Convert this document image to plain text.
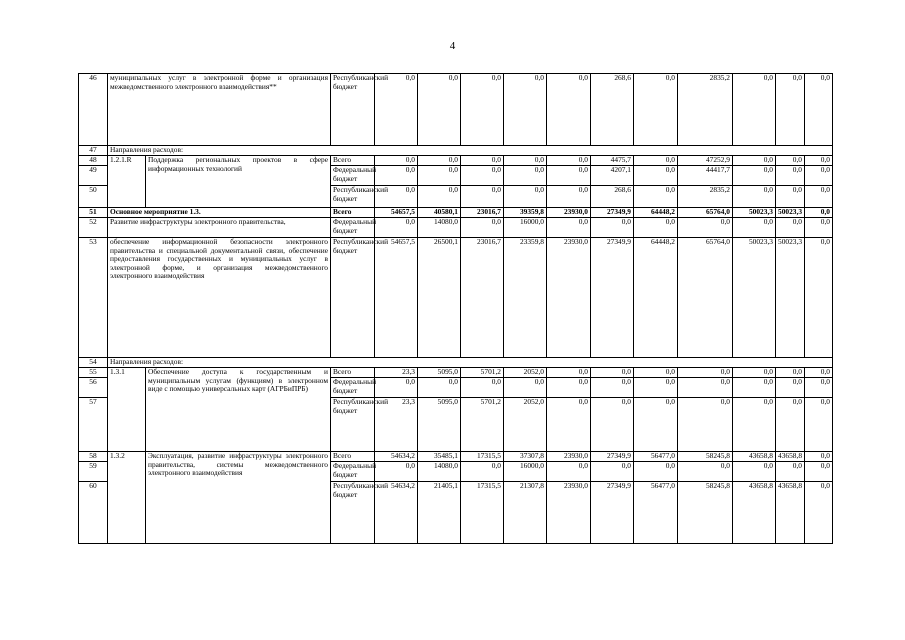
4
46	муниципальных услуг в электронной форме и организация межведомственного электронного взаимодействия**		Республиканский бюджет	0,0	0,0	0,0	0,0	0,0	268,6	0,0	2835,2	0,0	0,0	0,0	
47	Направления расходов:														
48	1.2.1.R	Поддержка региональных проектов в сфере информационных технологий	Всего	0,0	0,0	0,0	0,0	0,0	4475,7	0,0	47252,9	0,0	0,0	0,0	
49			Федеральный бюджет	0,0	0,0	0,0	0,0	0,0	4207,1	0,0	44417,7	0,0	0,0	0,0	
50			Республиканский бюджет	0,0	0,0	0,0	0,0	0,0	268,6	0,0	2835,2	0,0	0,0	0,0	
51	Основное мероприятие 1.3.		Всего	54657,5	40580,1	23016,7	39359,8	23930,0	27349,9	64448,2	65764,0	50023,3	50023,3	0,0	
52	Развитие инфраструктуры электронного правительства,		Федеральный бюджет	0,0	14080,0	0,0	16000,0	0,0	0,0	0,0	0,0	0,0	0,0	0,0	
53	обеспечение информационной безопасности электронного правительства и специальной документальной связи, обеспечение предоставления государственных и муниципальных услуг в электронной форме, и организация межведомственного электронного взаимодействия		Республиканский бюджет	54657,5	26500,1	23016,7	23359,8	23930,0	27349,9	64448,2	65764,0	50023,3	50023,3	0,0	
54	Направления расходов:														
55	1.3.1	Обеспечение доступа к государственным и муниципальным услугам (функциям) в электронном виде с помощью универсальных карт (АГРБиПРБ)	Всего	23,3	5095,0	5701,2	2052,0	0,0	0,0	0,0	0,0	0,0	0,0	0,0	
56			Федеральный бюджет	0,0	0,0	0,0	0,0	0,0	0,0	0,0	0,0	0,0	0,0	0,0	
57			Республиканский бюджет	23,3	5095,0	5701,2	2052,0	0,0	0,0	0,0	0,0	0,0	0,0	0,0	
58	1.3.2	Эксплуатация, развитие инфраструктуры электронного правительства, системы межведомственного электронного взаимодействия	Всего	54634,2	35485,1	17315,5	37307,8	23930,0	27349,9	56477,0	58245,8	43658,8	43658,8	0,0	
59			Федеральный бюджет	0,0	14080,0	0,0	16000,0	0,0	0,0	0,0	0,0	0,0	0,0	0,0	
60			Республиканский бюджет	54634,2	21405,1	17315,5	21307,8	23930,0	27349,9	56477,0	58245,8	43658,8	43658,8	0,0	
